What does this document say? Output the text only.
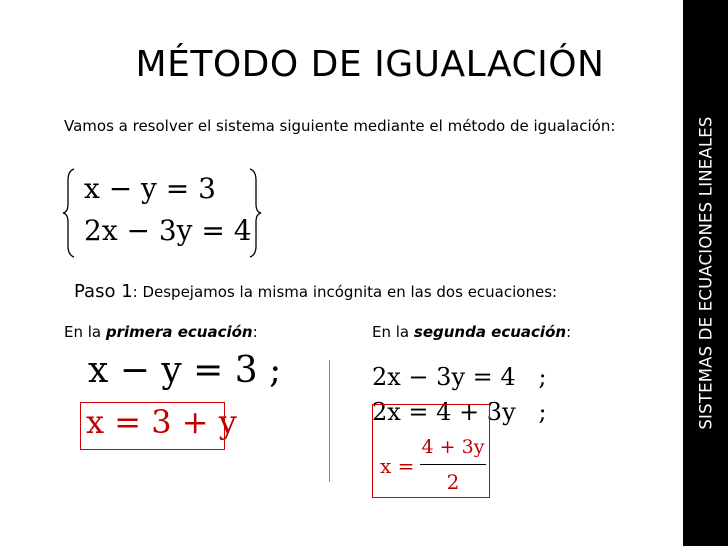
MÉTODO DE IGUALACIÓN
SISTEMAS DE ECUACIONES LINEALES
Vamos a resolver el sistema siguiente mediante el método de igualación:
x − y = 3
2x − 3y = 4
Paso 1: Despejamos la misma incógnita en las dos ecuaciones:
En la primera ecuación:	En la segunda ecuación:
x − y = 3 ;
x = 3 + y
2x − 3y = 4   ;
2x = 4 + 3y   ;
x =
4 + 3y
2
